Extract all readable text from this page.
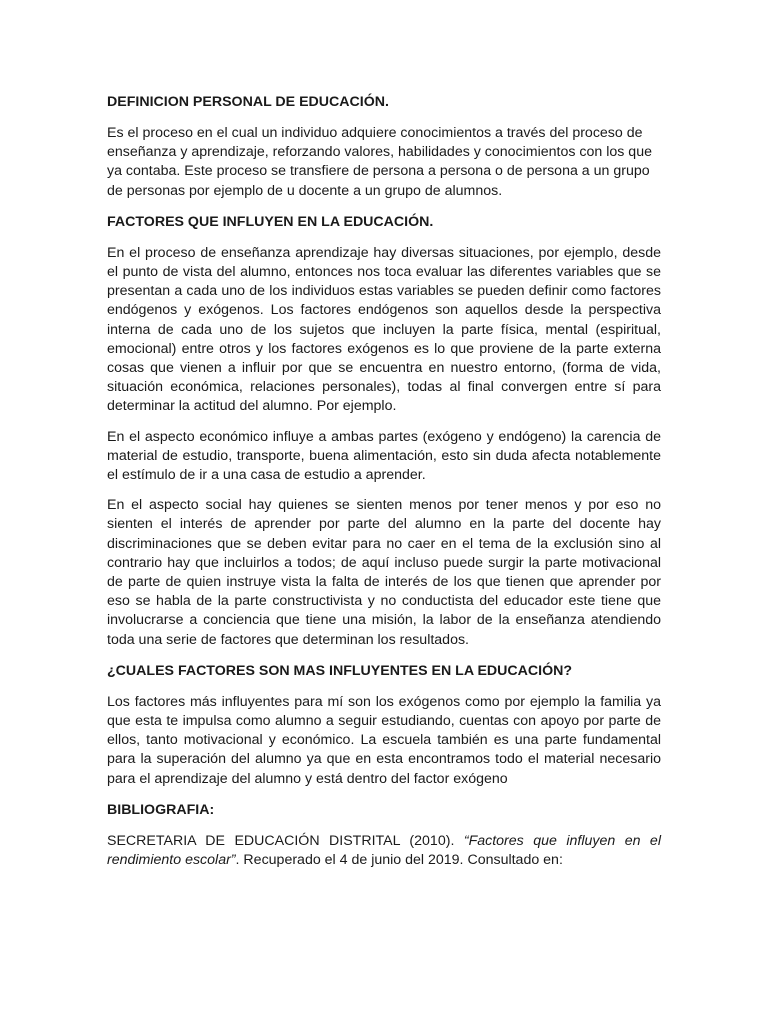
DEFINICION PERSONAL DE EDUCACIÓN.

Es el proceso en el cual un individuo adquiere conocimientos a través del proceso de enseñanza y aprendizaje, reforzando valores, habilidades y conocimientos con los que ya contaba. Este proceso se transfiere de persona a persona o de persona a un grupo de personas por ejemplo de u docente a un grupo de alumnos.

FACTORES QUE INFLUYEN EN LA EDUCACIÓN.

En el proceso de enseñanza aprendizaje hay diversas situaciones, por ejemplo, desde el punto de vista del alumno, entonces nos toca evaluar las diferentes variables que se presentan a cada uno de los individuos estas variables se pueden definir como factores endógenos y exógenos. Los factores endógenos son aquellos desde la perspectiva interna de cada uno de los sujetos que incluyen la parte física, mental (espiritual, emocional) entre otros y los factores exógenos es lo que proviene de la parte externa cosas que vienen a influir por que se encuentra en nuestro entorno, (forma de vida, situación económica, relaciones personales), todas al final convergen entre sí para determinar la actitud del alumno. Por ejemplo.

En el aspecto económico influye a ambas partes (exógeno y endógeno) la carencia de material de estudio, transporte, buena alimentación, esto sin duda afecta notablemente el estímulo de ir a una casa de estudio a aprender.

En el aspecto social hay quienes se sienten menos por tener menos y por eso no sienten el interés de aprender por parte del alumno en la parte del docente hay discriminaciones que se deben evitar para no caer en el tema de la exclusión sino al contrario hay que incluirlos a todos; de aquí incluso puede surgir la parte motivacional de parte de quien instruye vista la falta de interés de los que tienen que aprender por eso se habla de la parte constructivista y no conductista del educador este tiene que involucrarse a conciencia que tiene una misión, la labor de la enseñanza atendiendo toda una serie de factores que determinan los resultados.

¿CUALES FACTORES SON MAS INFLUYENTES EN LA EDUCACIÓN?

Los factores más influyentes para mí son los exógenos como por ejemplo la familia ya que esta te impulsa como alumno a seguir estudiando, cuentas con apoyo por parte de ellos, tanto motivacional y económico. La escuela también es una parte fundamental para la superación del alumno ya que en esta encontramos todo el material necesario para el aprendizaje del alumno y está dentro del factor exógeno

BIBLIOGRAFIA:

SECRETARIA DE EDUCACIÓN DISTRITAL (2010). “Factores que influyen en el rendimiento escolar”. Recuperado el 4 de junio del 2019. Consultado en:
